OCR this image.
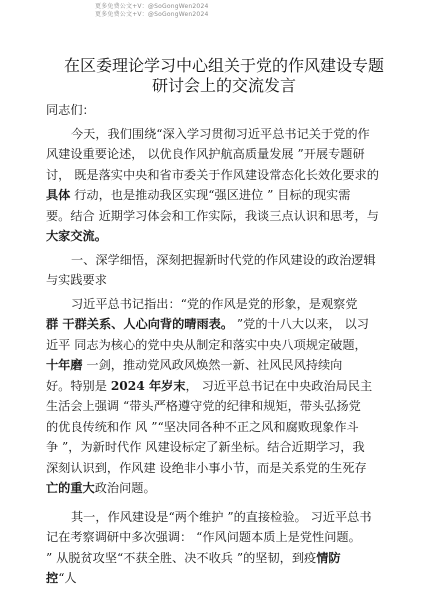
更多免费公文+V：@SoGongWen2024
更多免费公文+V：@SoGongWen2024
在区委理论学习中心组关于党的作风建设专题
研讨会上的交流发言
同志们：
今天，我们围绕“深入学习贯彻习近平总书记关于党的作
风建设重要论述， 以优良作风护航高质量发展 ”开展专题研
讨， 既是落实中央和省市委关于作风建设常态化长效化要求的
具体 行动，也是推动我区实现“强区进位 ” 目标的现实需
要。结合 近期学习体会和工作实际，我谈三点认识和思考，与
大家交流。
一、深学细悟，深刻把握新时代党的作风建设的政治逻辑
与实践要求
习近平总书记指出：“党的作风是党的形象，是观察党
群 干群关系、人心向背的晴雨表。 ”党的十八大以来， 以习
近平 同志为核心的党中央从制定和落实中央八项规定破题，
十年磨 一剑，推动党风政风焕然一新、社风民风持续向
好。特别是 2024 年岁末， 习近平总书记在中央政治局民主
生活会上强调 “带头严格遵守党的纪律和规矩，带头弘扬党
的优良传统和作 风 ”“坚决同各种不正之风和腐败现象作斗
争 ”，为新时代作 风建设标定了新坐标。结合近期学习，我
深刻认识到，作风建 设绝非小事小节，而是关系党的生死存
亡的重大政治问题。
其一，作风建设是“两个维护 ”的直接检验。 习近平总书
记在考察调研中多次强调： “作风问题本质上是党性问题。
” 从脱贫攻坚“不获全胜、决不收兵 ”的坚韧，到疫情防
控“人
